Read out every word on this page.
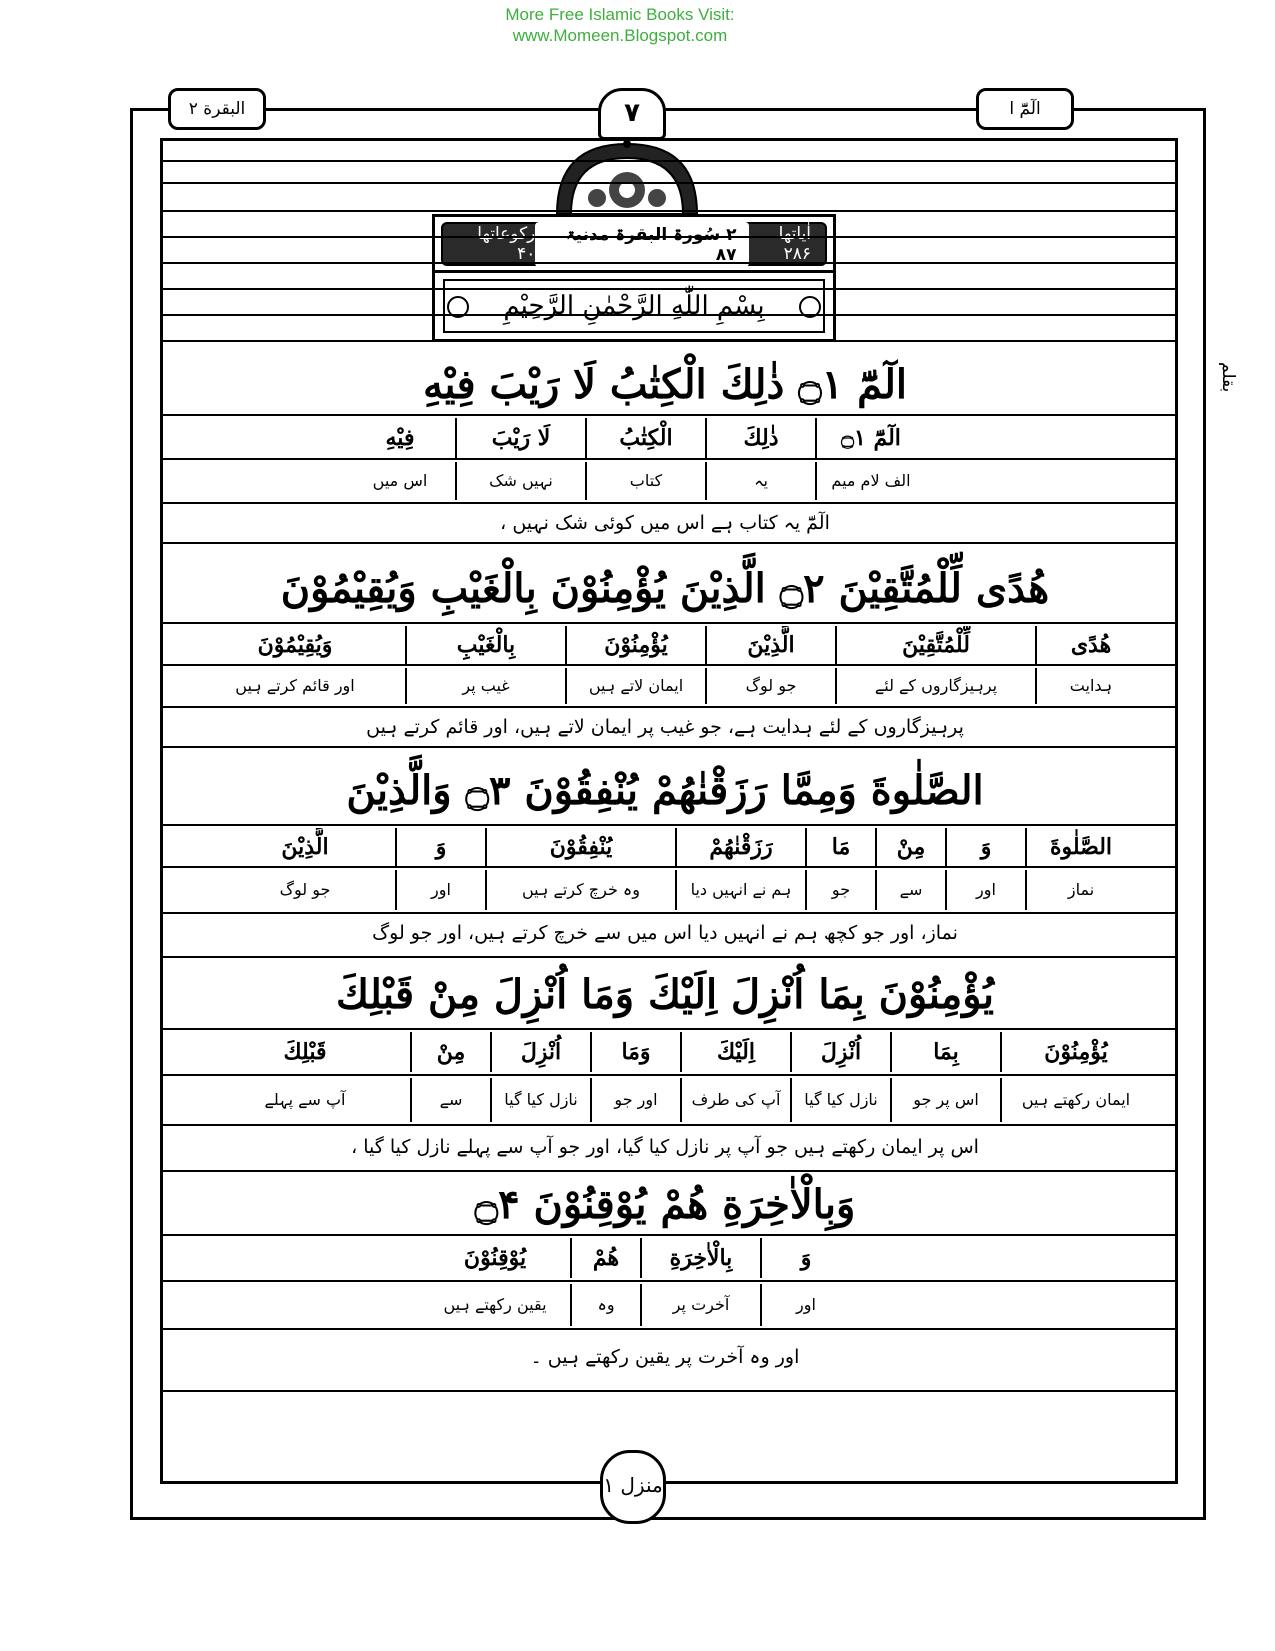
More Free Islamic Books Visit:
www.Momeen.Blogspot.com
الٓمّٓ ا
البقرة ٢	٧
بقلم
اٰیاتھا ۲۸۶
۲ سُورۃ البقرۃ مدنیۃ ۸۷
رکوعاتھا ۴۰
بِسْمِ اللّٰهِ الرَّحْمٰنِ الرَّحِيْمِ
الٓمّٓ ۝۱ ذٰلِكَ الْكِتٰبُ لَا رَيْبَ فِيْهِ
الٓمّٓ ۝۱
ذٰلِكَ
الْكِتٰبُ
لَا رَيْبَ
فِيْهِ
الف لام میم
یہ
کتاب
نہیں شک
اس میں
الٓمّٓ یہ کتاب ہے اس میں کوئی شک نہیں ،
هُدًى لِّلْمُتَّقِيْنَ ۝۲ الَّذِيْنَ يُؤْمِنُوْنَ بِالْغَيْبِ وَيُقِيْمُوْنَ
هُدًى
لِّلْمُتَّقِيْنَ
الَّذِيْنَ
يُؤْمِنُوْنَ
بِالْغَيْبِ
وَيُقِيْمُوْنَ
ہدایت
پرہیزگاروں کے لئے
جو لوگ
ایمان لاتے ہیں
غیب پر
اور قائم کرتے ہیں
پرہیزگاروں کے لئے ہدایت ہے، جو غیب پر ایمان لاتے ہیں، اور قائم کرتے ہیں
الصَّلٰوةَ وَمِمَّا رَزَقْنٰهُمْ يُنْفِقُوْنَ ۝۳ وَالَّذِيْنَ
الصَّلٰوةَ
وَ
مِنْ
مَا
رَزَقْنٰهُمْ
يُنْفِقُوْنَ
وَ
الَّذِيْنَ
نماز
اور
سے
جو
ہم نے انہیں دیا
وہ خرچ کرتے ہیں
اور
جو لوگ
نماز، اور جو کچھ ہم نے انہیں دیا اس میں سے خرچ کرتے ہیں، اور جو لوگ
يُؤْمِنُوْنَ بِمَا اُنْزِلَ اِلَيْكَ وَمَا اُنْزِلَ مِنْ قَبْلِكَ
يُؤْمِنُوْنَ
بِمَا
اُنْزِلَ
اِلَيْكَ
وَمَا
اُنْزِلَ
مِنْ
قَبْلِكَ
ایمان رکھتے ہیں
اس پر جو
نازل کیا گیا
آپ کی طرف
اور جو
نازل کیا گیا
سے
آپ سے پہلے
اس پر ایمان رکھتے ہیں جو آپ پر نازل کیا گیا، اور جو آپ سے پہلے نازل کیا گیا ،
وَبِالْاٰخِرَةِ هُمْ يُوْقِنُوْنَ ۝۴
وَ
بِالْاٰخِرَةِ
هُمْ
يُوْقِنُوْنَ
اور
آخرت پر
وہ
یقین رکھتے ہیں
اور وہ آخرت پر یقین رکھتے ہیں ۔
منزل ۱
